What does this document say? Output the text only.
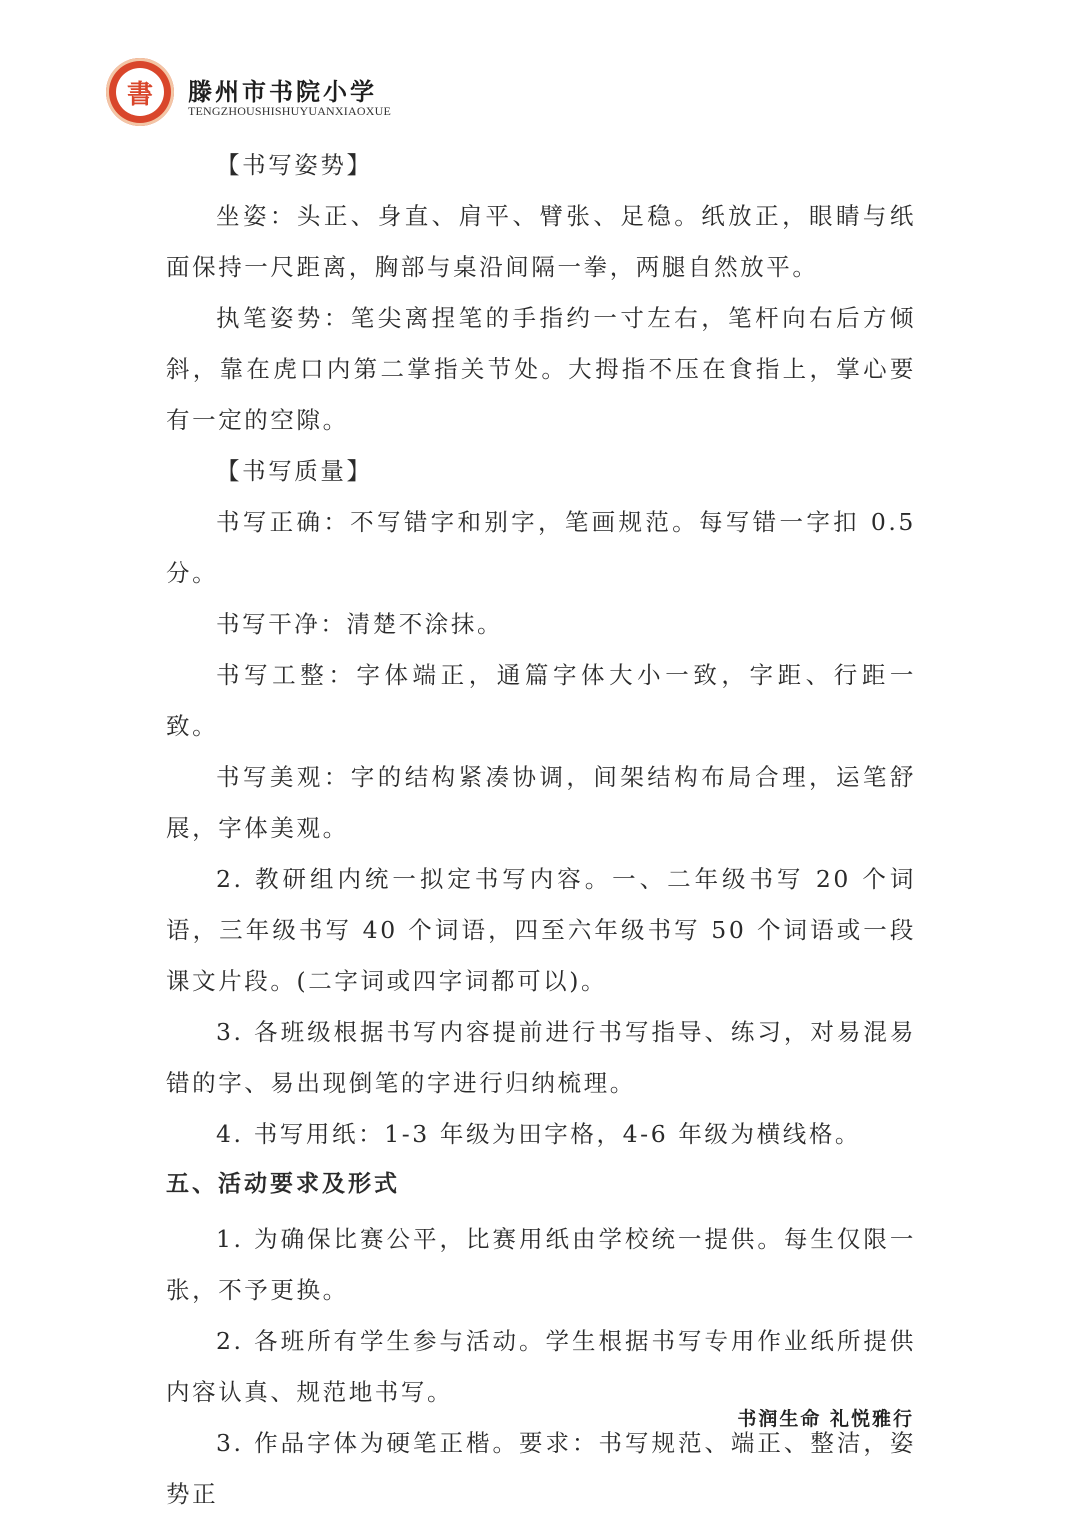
書	滕州市书院小学
TENGZHOUSHISHUYUANXIAOXUE

【书写姿势】

坐姿：头正、身直、肩平、臂张、足稳。纸放正，眼睛与纸面保持一尺距离，胸部与桌沿间隔一拳，两腿自然放平。

执笔姿势：笔尖离捏笔的手指约一寸左右，笔杆向右后方倾斜，靠在虎口内第二掌指关节处。大拇指不压在食指上，掌心要有一定的空隙。

【书写质量】

书写正确：不写错字和别字，笔画规范。每写错一字扣 0.5 分。

书写干净：清楚不涂抹。

书写工整：字体端正，通篇字体大小一致，字距、行距一致。

书写美观：字的结构紧凑协调，间架结构布局合理，运笔舒展，字体美观。

2. 教研组内统一拟定书写内容。一、二年级书写 20 个词语，三年级书写 40 个词语，四至六年级书写 50 个词语或一段课文片段。(二字词或四字词都可以)。

3. 各班级根据书写内容提前进行书写指导、练习，对易混易错的字、易出现倒笔的字进行归纳梳理。

4. 书写用纸：1-3 年级为田字格，4-6 年级为横线格。

五、活动要求及形式

1. 为确保比赛公平，比赛用纸由学校统一提供。每生仅限一张，不予更换。

2. 各班所有学生参与活动。学生根据书写专用作业纸所提供内容认真、规范地书写。

3. 作品字体为硬笔正楷。要求：书写规范、端正、整洁，姿势正

书润生命 礼悦雅行
